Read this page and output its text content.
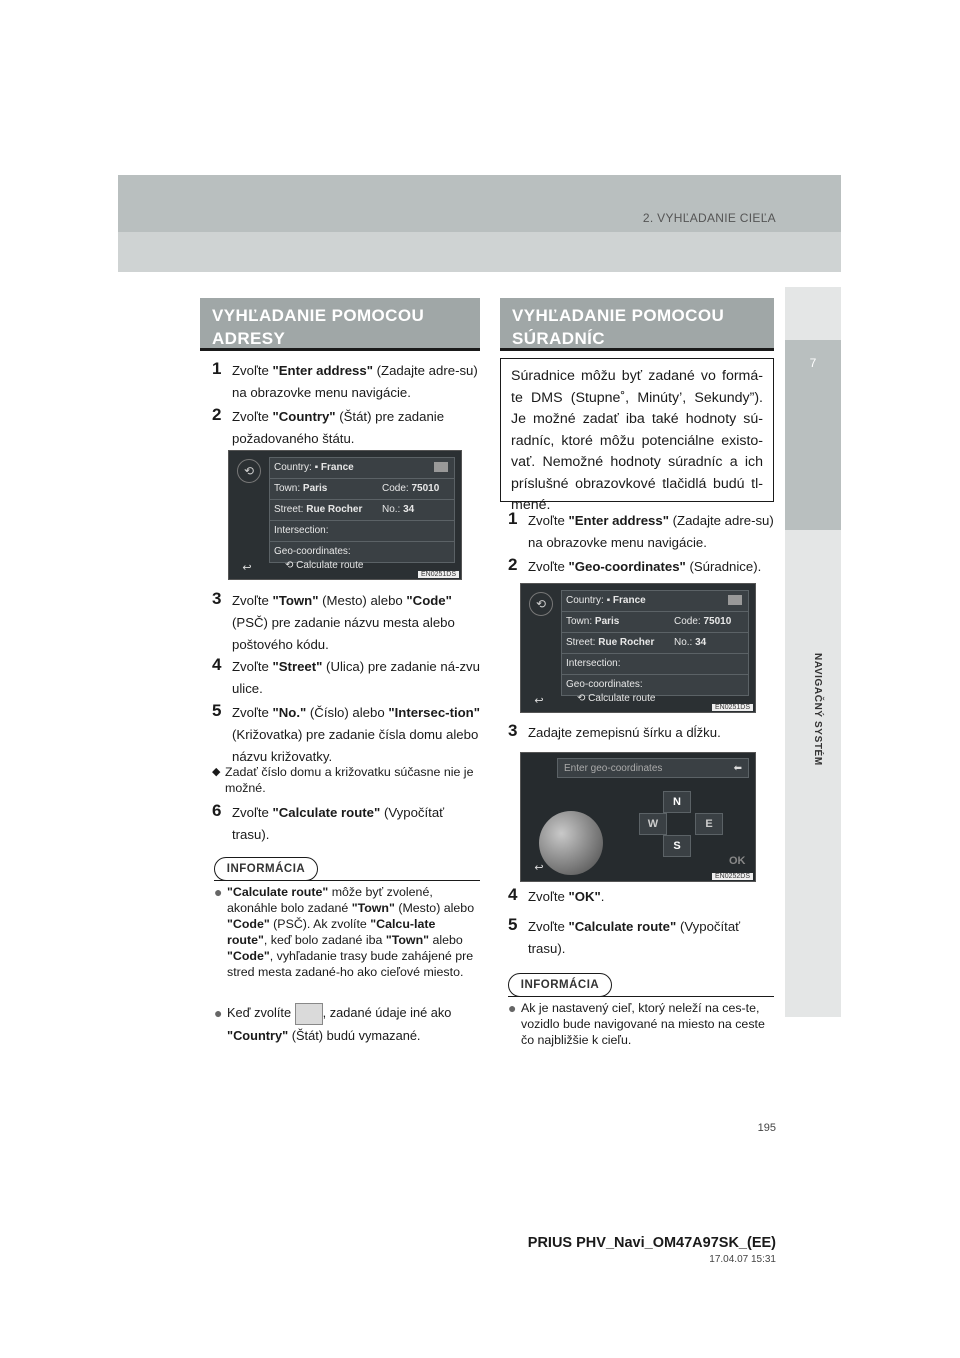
2. VYHĽADANIE CIEĽA
7
NAVIGAČNÝ SYSTÉM
VYHĽADANIE POMOCOU ADRESY
1 Zvoľte "Enter address" (Zadajte adre-su) na obrazovke menu navigácie.
2 Zvoľte "Country" (Štát) pre zadanie požadovaného štátu.
⟲	Country: ▪ France
Town: Paris	Code: 75010
Street: Rue Rocher No.: 34
Intersection:
Geo-coordinates:
↩	⟲ Calculate route
EN0251DS
3 Zvoľte "Town" (Mesto) alebo "Code" (PSČ) pre zadanie názvu mesta alebo poštového kódu.
4 Zvoľte "Street" (Ulica) pre zadanie ná-zvu ulice.
5 Zvoľte "No." (Číslo) alebo "Intersec-tion" (Križovatka) pre zadanie čísla domu alebo názvu križovatky.
◆ Zadať číslo domu a križovatku súčasne nie je možné.
6 Zvoľte "Calculate route" (Vypočítať trasu).
INFORMÁCIA
● "Calculate route" môže byť zvolené, akonáhle bolo zadané "Town" (Mesto) alebo "Code" (PSČ). Ak zvolíte "Calcu-late route", keď bolo zadané iba "Town" alebo "Code", vyhľadanie trasy bude zahájené pre stred mesta zadané-ho ako cieľové miesto.
● Keď zvolíte , zadané údaje iné ako
"Country" (Štát) budú vymazané.
VYHĽADANIE POMOCOU SÚRADNÍC
Súradnice môžu byť zadané vo formá-te DMS (Stupne˚, Minúty’, Sekundy”). Je možné zadať iba také hodnoty sú-radníc, ktoré môžu potenciálne existo-vať. Nemožné hodnoty súradníc a ich príslušné obrazovkové tlačidlá budú tl-mené.
1 Zvoľte "Enter address" (Zadajte adre-su) na obrazovke menu navigácie.
2 Zvoľte "Geo-coordinates" (Súradnice).
⟲	Country: ▪ France
Town: Paris	Code: 75010
Street: Rue Rocher No.: 34
Intersection:
Geo-coordinates:
↩	⟲ Calculate route
EN0251DS
3 Zadajte zemepisnú šírku a dĺžku.
Enter geo-coordinates	⬅
N
W	E
S
↩
OK
EN0252DS
4 Zvoľte "OK".
5 Zvoľte "Calculate route" (Vypočítať trasu).
INFORMÁCIA
● Ak je nastavený cieľ, ktorý neleží na ces-te, vozidlo bude navigované na miesto na ceste čo najbližšie k cieľu.
195
PRIUS PHV_Navi_OM47A97SK_(EE)
17.04.07 15:31
